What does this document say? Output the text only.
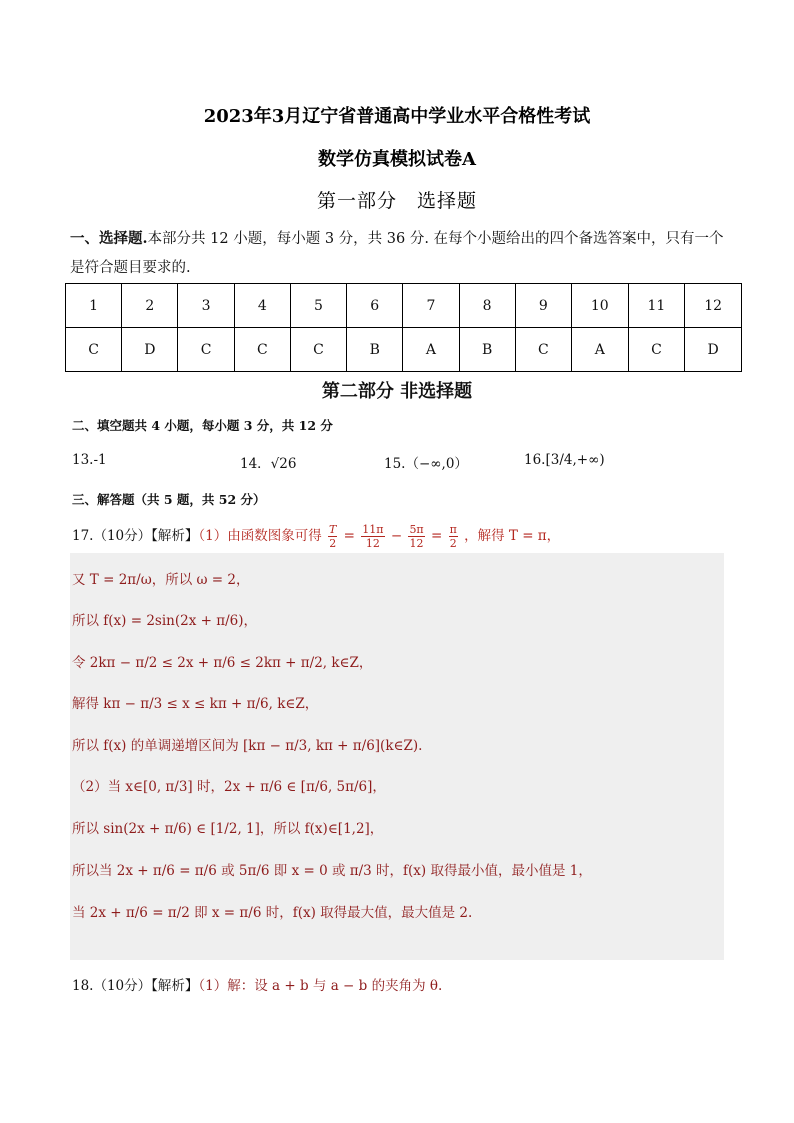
2023年3月辽宁省普通高中学业水平合格性考试
数学仿真模拟试卷A
第一部分　选择题
一、选择题.本部分共 12 小题，每小题 3 分，共 36 分. 在每个小题给出的四个备选答案中，只有一个是符合题目要求的.
1	2	3	4	5	6	7	8	9	10	11	12
C	D	C	C	C	B	A	B	C	A	C	D
第二部分 非选择题
二、填空题共 4 小题，每小题 3 分，共 12 分
13.-1	14．√26	15.（−∞,0）	16.[3/4,+∞)
三、解答题（共 5 题，共 52 分）
17.（10分）【解析】（1）由函数图象可得 $\frac{T}{2} = \frac{11\pi}{12} - \frac{5\pi}{12} = \frac{\pi}{2}$ ，解得 T = π，
又 T = 2π/ω，所以 ω = 2，
所以 f(x) = 2sin(2x + π/6)，
令 2kπ − π/2 ≤ 2x + π/6 ≤ 2kπ + π/2, k∈Z，
解得 kπ − π/3 ≤ x ≤ kπ + π/6, k∈Z，
所以 f(x) 的单调递增区间为 [kπ − π/3, kπ + π/6](k∈Z).
（2）当 x∈[0, π/3] 时，2x + π/6 ∈ [π/6, 5π/6]，
所以 sin(2x + π/6) ∈ [1/2, 1]，所以 f(x)∈[1,2]，
所以当 2x + π/6 = π/6 或 5π/6 即 x = 0 或 π/3 时，f(x) 取得最小值，最小值是 1，
当 2x + π/6 = π/2 即 x = π/6 时，f(x) 取得最大值，最大值是 2.
18.（10分）【解析】（1）解：设 a + b 与 a − b 的夹角为 θ.
